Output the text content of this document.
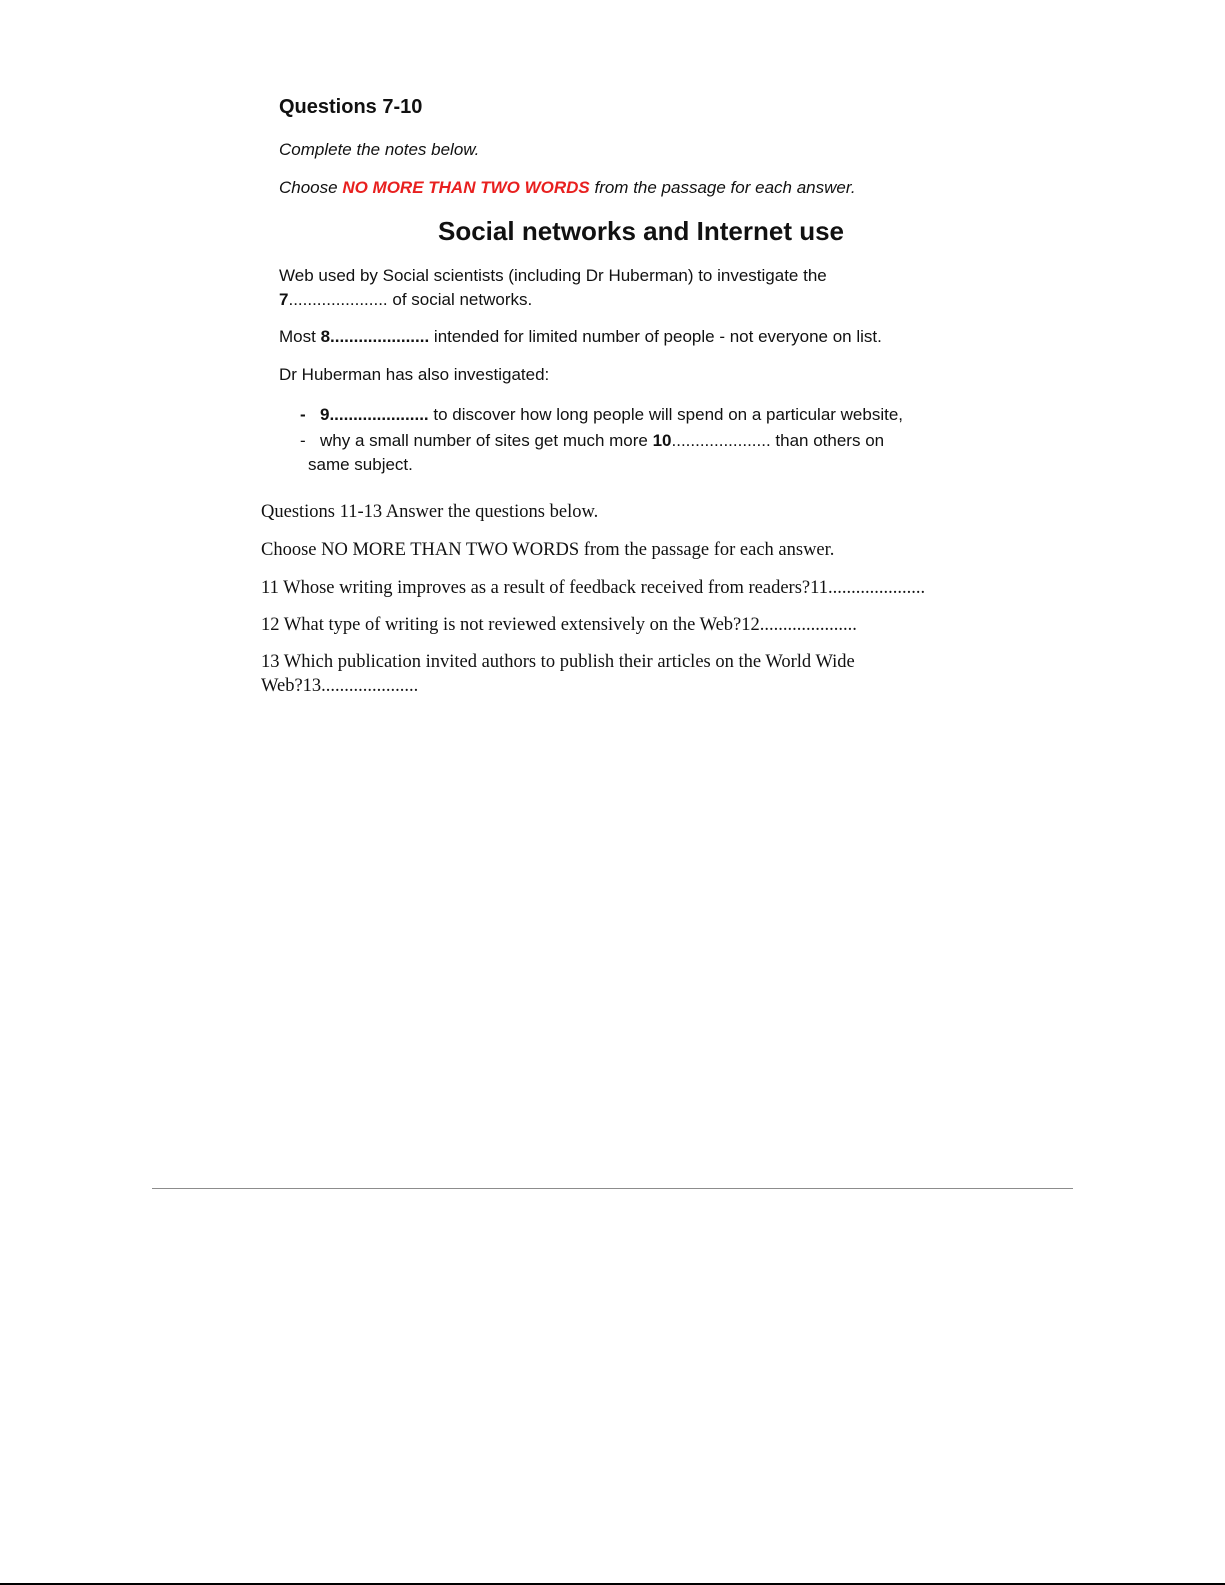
Questions 7-10
Complete the notes below.
Choose NO MORE THAN TWO WORDS from the passage for each answer.
Social networks and Internet use
Web used by Social scientists (including Dr Huberman) to investigate the
7..................... of social networks.
Most 8..................... intended for limited number of people - not everyone on list.
Dr Huberman has also investigated:
- 9..................... to discover how long people will spend on a particular website,
- why a small number of sites get much more 10..................... than others on
same subject.
Questions 11-13 Answer the questions below.
Choose NO MORE THAN TWO WORDS from the passage for each answer.
11 Whose writing improves as a result of feedback received from readers?11.....................
12 What type of writing is not reviewed extensively on the Web?12.....................
13 Which publication invited authors to publish their articles on the World Wide
Web?13.....................
